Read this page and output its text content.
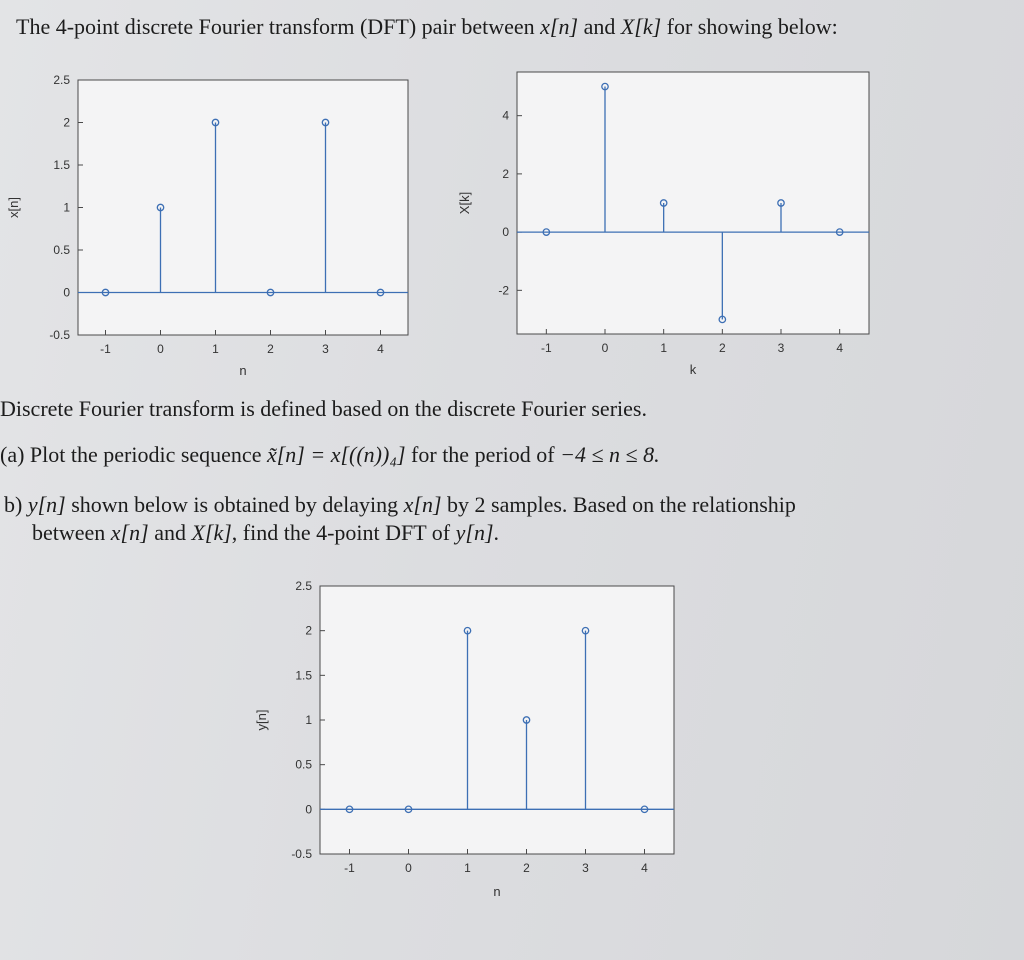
The 4-point discrete Fourier transform (DFT) pair between x[n] and X[k] for showing below:
-0.5
0
0.5
1
1.5
2
2.5
-1	0	1	2	3	4
n
x[n]
-2
0
2
4
-1	0	1	2	3	4
k
X[k]
Discrete Fourier transform is defined based on the discrete Fourier series.
(a) Plot the periodic sequence x̃[n] = x[((n))₄] for the period of −4 ≤ n ≤ 8.
b) y[n] shown below is obtained by delaying x[n] by 2 samples. Based on the relationship
between x[n] and X[k], find the 4-point DFT of y[n].
-0.5
0
0.5
1
1.5
2
2.5
-1	0	1	2	3	4
n
y[n]
